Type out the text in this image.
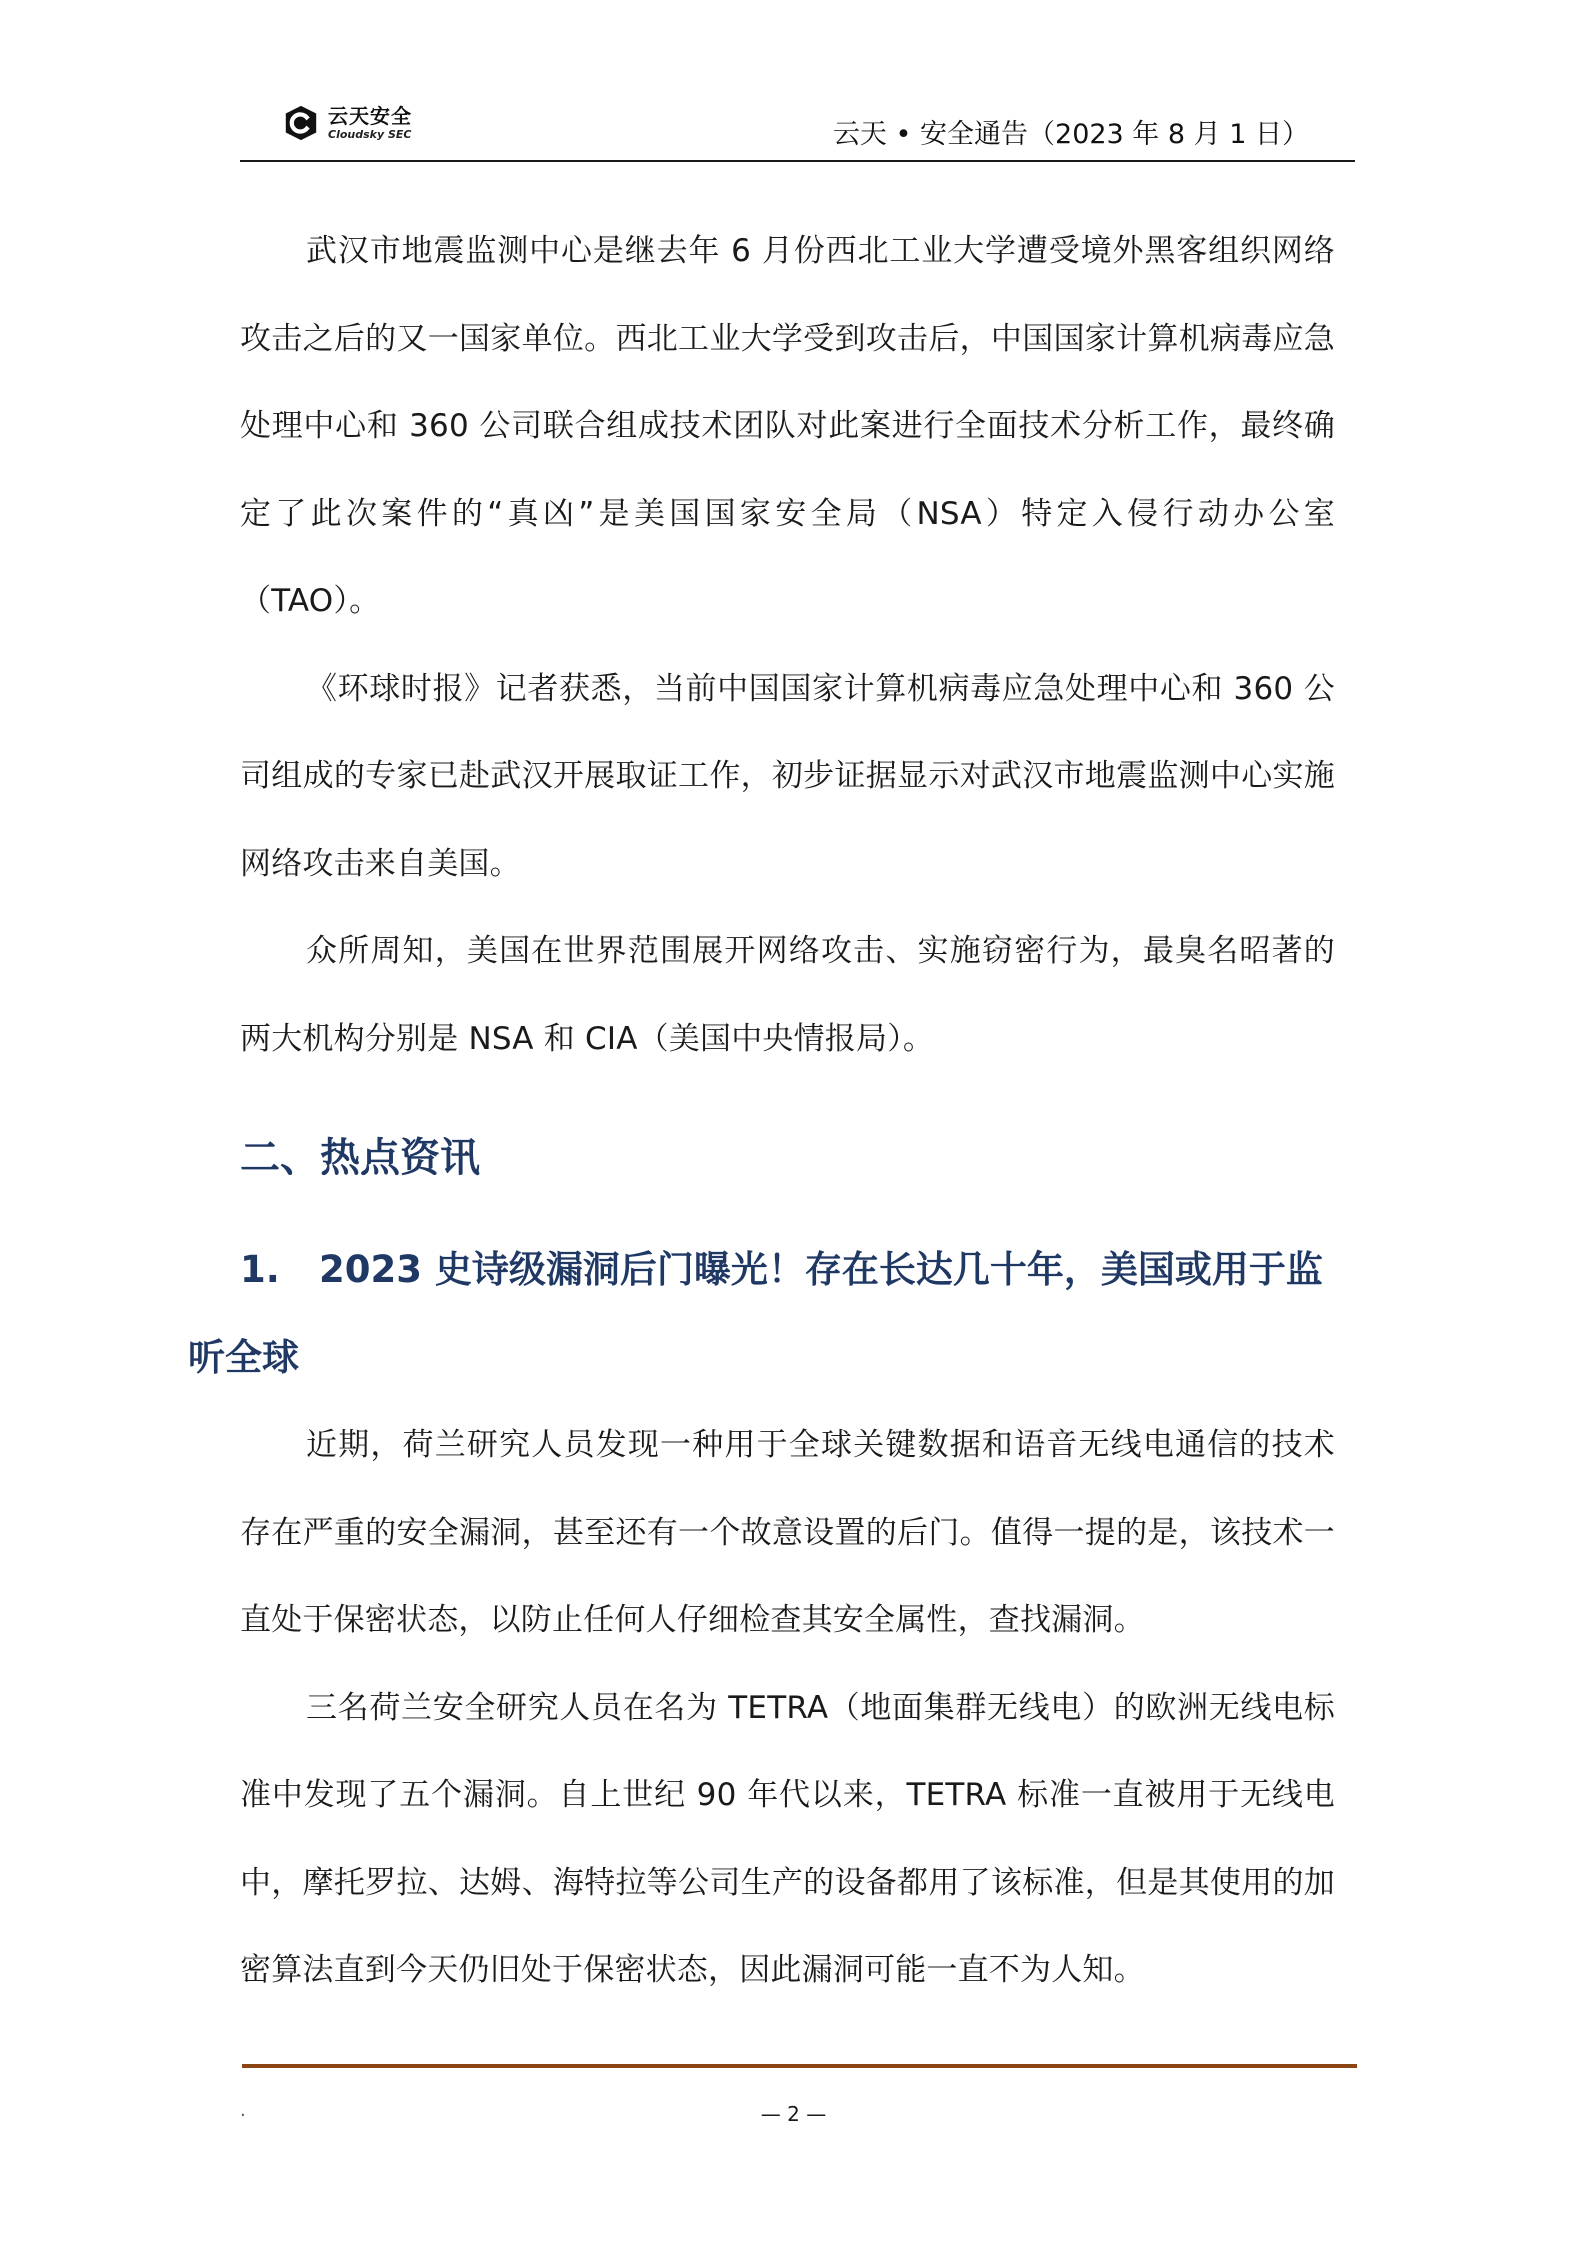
云天安全
Cloudsky SEC	云天 • 安全通告（2023 年 8 月 1 日）

武汉市地震监测中心是继去年 6 月份西北工业大学遭受境外黑客组织网络攻击之后的又一国家单位。西北工业大学受到攻击后，中国国家计算机病毒应急处理中心和 360 公司联合组成技术团队对此案进行全面技术分析工作，最终确定了此次案件的“真凶”是美国国家安全局（NSA）特定入侵行动办公室（TAO）。

《环球时报》记者获悉，当前中国国家计算机病毒应急处理中心和 360 公司组成的专家已赴武汉开展取证工作，初步证据显示对武汉市地震监测中心实施网络攻击来自美国。

众所周知，美国在世界范围展开网络攻击、实施窃密行为，最臭名昭著的两大机构分别是 NSA 和 CIA（美国中央情报局）。

二、热点资讯
1. 2023 史诗级漏洞后门曝光！存在长达几十年，美国或用于监听全球

近期，荷兰研究人员发现一种用于全球关键数据和语音无线电通信的技术存在严重的安全漏洞，甚至还有一个故意设置的后门。值得一提的是，该技术一直处于保密状态，以防止任何人仔细检查其安全属性，查找漏洞。

三名荷兰安全研究人员在名为 TETRA（地面集群无线电）的欧洲无线电标准中发现了五个漏洞。自上世纪 90 年代以来，TETRA 标准一直被用于无线电中，摩托罗拉、达姆、海特拉等公司生产的设备都用了该标准，但是其使用的加密算法直到今天仍旧处于保密状态，因此漏洞可能一直不为人知。

.	— 2 —
